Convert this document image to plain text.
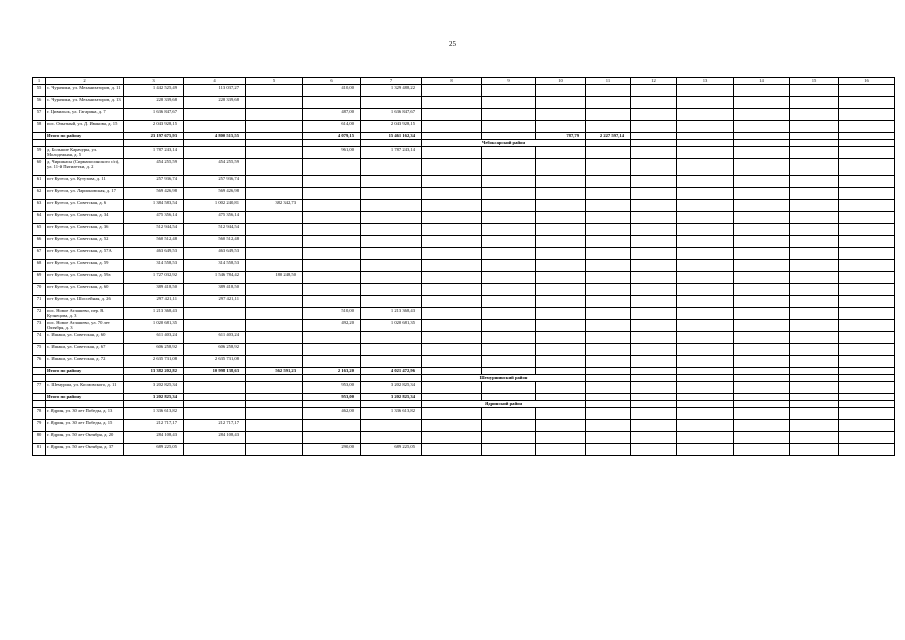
25
1	2	3	4	5	6	7	8	9	10	11	12	13	14	15	16
55	с. Чурачики, ул. Механизаторов, д. 11	1 442 525,49	113 037,27		410,00	1 329 488,22									
56	с. Чурачики, ул. Механизаторов, д. 13	228 339,68	228 339,68												
57	г. Цивильск, ул. Гагарина, д. 7	1 636 847,67			487,00	1 636 847,67									
58	пос. Опытный, ул. Д. Иванова, д. 15	2 043 928,15			614,00	2 043 928,15									
	Итого по району	23 197 675,93	4 800 515,55		4 079,15	15 461 162,34			787,79	2 227 597,14					
							Чебоксарский район								
59	д. Большие Карачуры, ул. Молодежная, д. 5	1 787 243,14			961,00	1 787 243,14									
60	д. Чиршкасы (Сирмапосинского с/п), ул. 11-й Пятилетки, д. 2	454 255,59	454 255,59												
61	пгт Кугеси, ул. Кутузова, д. 11	257 936,74	257 936,74												
62	пгт Кугеси, ул. Ларионовская, д. 17	569 426,98	569 426,98												
63	пгт Кугеси, ул. Советская, д. 6	1 384 583,54	1 002 240,81	382 342,73											
64	пгт Кугеси, ул. Советская, д. 34	475 356,14	475 356,14												
65	пгт Кугеси, ул. Советская, д. 36	512 944,54	512 944,54												
66	пгт Кугеси, ул. Советская, д. 52	560 512,48	560 512,48												
67	пгт Кугеси, ул. Советская, д. 57А	463 649,53	463 649,53												
68	пгт Кугеси, ул. Советская, д. 59	314 558,53	314 558,53												
69	пгт Кугеси, ул. Советская, д. 59а	1 727 032,92	1 546 784,42	180 248,50											
70	пгт Кугеси, ул. Советская, д. 60	389 418,50	389 418,50												
71	пгт Кугеси, ул. Шоссейная, д. 26	297 421,11	297 421,11												
72	пос. Новое Атлашево, пер. В. Кузнецова, д. 3	1 213 368,43			510,00	1 213 368,43									
73	пос. Новое Атлашево, ул. 70 лет Октября, д. 3	1 020 681,35			492,20	1 020 681,35									
74	с. Ишаки, ул. Советская, д. 60	611 403,24	611 403,24												
75	с. Ишаки, ул. Советская, д. 67	606 258,92	606 258,92												
76	с. Ишаки, ул. Советская, д. 72	2 635 731,08	2 635 731,08												
	Итого по району	13 382 202,82	10 998 138,63	562 591,23	2 163,20	4 021 472,96									
							Шемуршинский район								
77	с. Шемурша, ул. Космовского, д. 11	3 202 825,34			953,00	3 202 825,34									
	Итого по району	3 202 825,34			953,00	3 202 825,34									
							Ядринский район								
78	г. Ядрин, ул. 30 лет Победы, д. 13	1 336 613,82			462,00	1 336 613,82									
79	г. Ядрин, ул. 30 лет Победы, д. 15	212 717,17	212 717,17												
80	г. Ядрин, ул. 50 лет Октября, д. 20	284 108,43	284 108,43												
81	г. Ядрин, ул. 50 лет Октября, д. 37	689 225,05			290,00	689 225,05									
